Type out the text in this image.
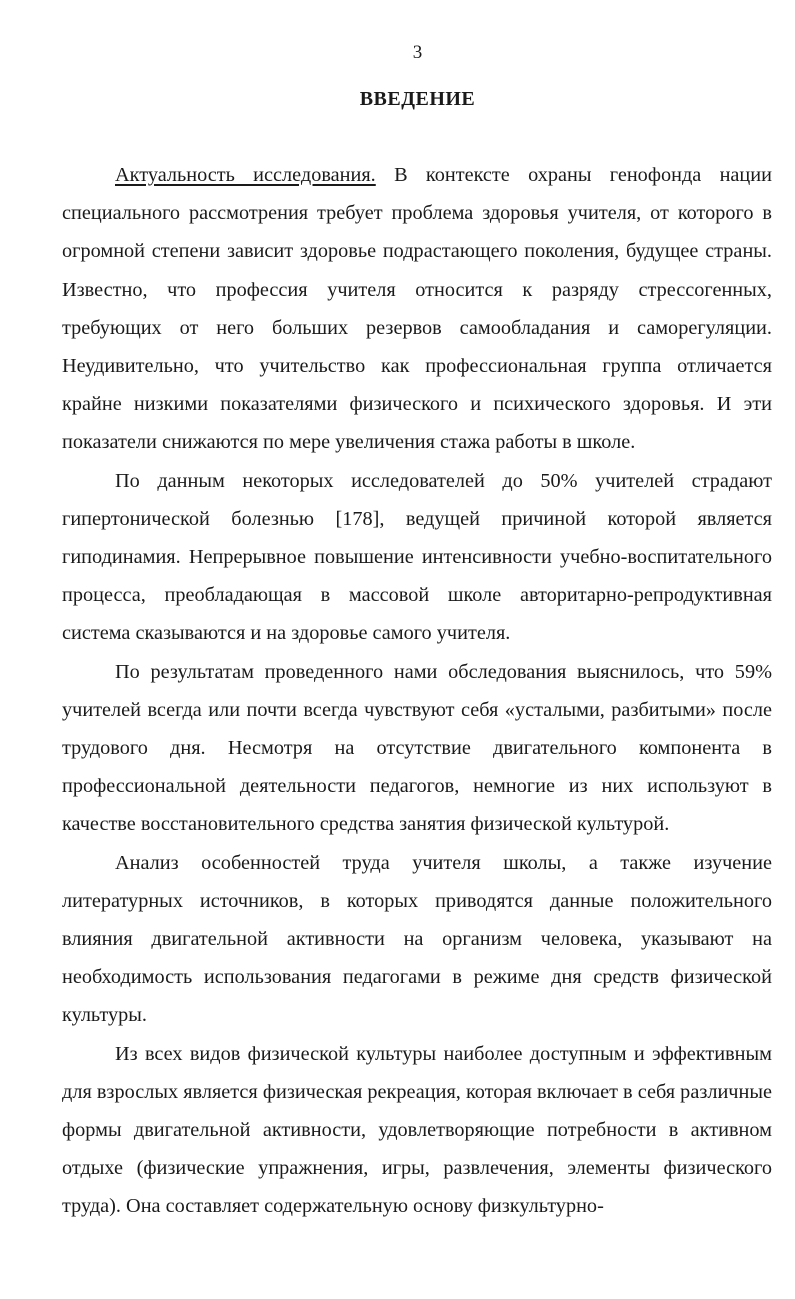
3
ВВЕДЕНИЕ

Актуальность исследования. В контексте охраны генофонда нации специального рассмотрения требует проблема здоровья учителя, от которого в огромной степени зависит здоровье подрастающего поколения, будущее страны. Известно, что профессия учителя относится к разряду стрессогенных, требующих от него больших резервов самообладания и саморегуляции. Неудивительно, что учительство как профессиональная группа отличается крайне низкими показателями физического и психического здоровья. И эти показатели снижаются по мере увеличения стажа работы в школе.

По данным некоторых исследователей до 50% учителей страдают гипертонической болезнью [178], ведущей причиной которой является гиподинамия. Непрерывное повышение интенсивности учебно-воспитательного процесса, преобладающая в массовой школе авторитарно-репродуктивная система сказываются и на здоровье самого учителя.

По результатам проведенного нами обследования выяснилось, что 59% учителей всегда или почти всегда чувствуют себя «усталыми, разбитыми» после трудового дня. Несмотря на отсутствие двигательного компонента в профессиональной деятельности педагогов, немногие из них используют в качестве восстановительного средства занятия физической культурой.

Анализ особенностей труда учителя школы, а также изучение литературных источников, в которых приводятся данные положительного влияния двигательной активности на организм человека, указывают на необходимость использования педагогами в режиме дня средств физической культуры.

Из всех видов физической культуры наиболее доступным и эффективным для взрослых является физическая рекреация, которая включает в себя различные формы двигательной активности, удовлетворяющие потребности в активном отдыхе (физические упражнения, игры, развлечения, элементы физического труда). Она составляет содержательную основу физкультурно-
